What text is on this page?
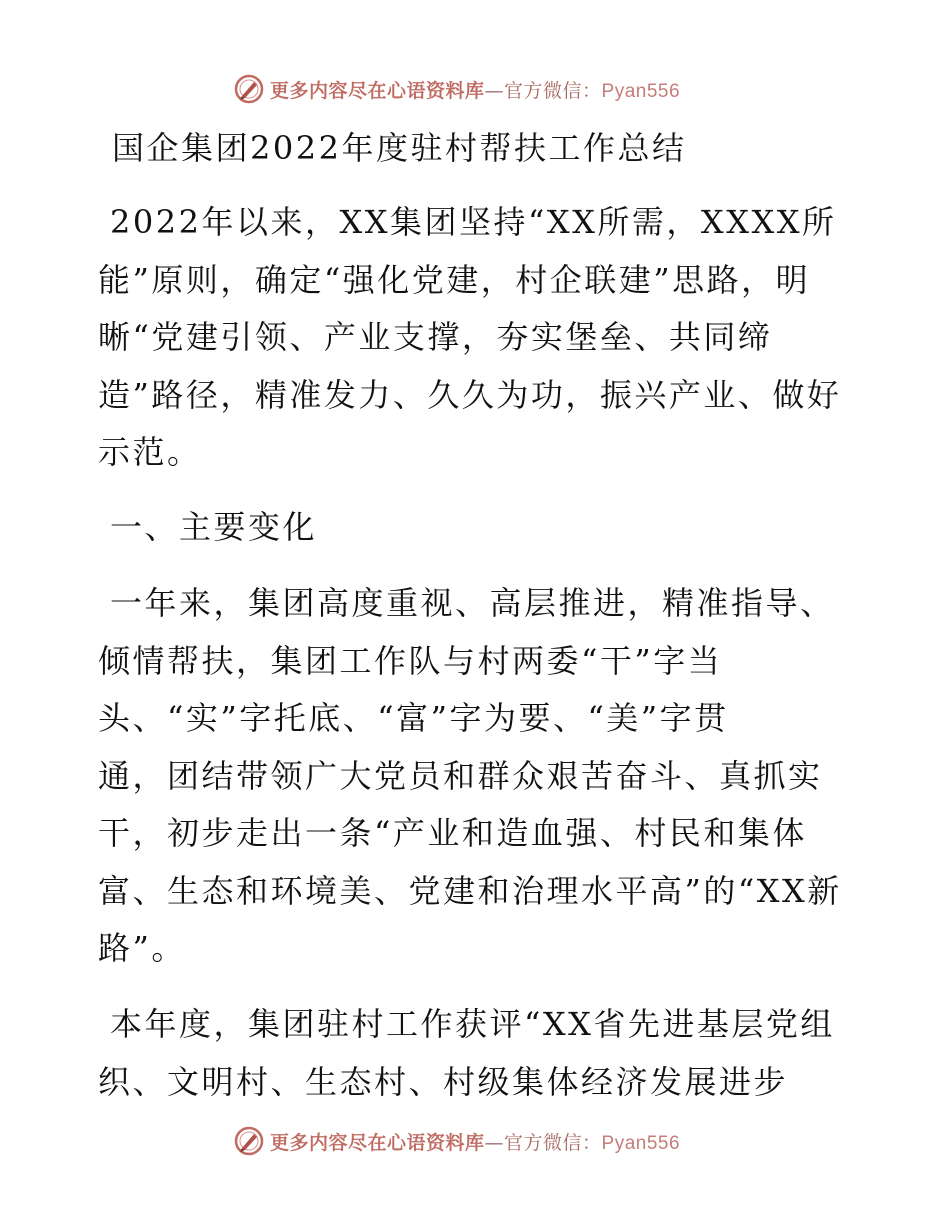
更多内容尽在心语资料库—官方微信：Pyan556
国企集团2022年度驻村帮扶工作总结
2022年以来，XX集团坚持“XX所需，XXXX所
能”原则，确定“强化党建，村企联建”思路，明
晰“党建引领、产业支撑，夯实堡垒、共同缔
造”路径，精准发力、久久为功，振兴产业、做好
示范。
一、主要变化
一年来，集团高度重视、高层推进，精准指导、
倾情帮扶，集团工作队与村两委“干”字当
头、“实”字托底、“富”字为要、“美”字贯
通，团结带领广大党员和群众艰苦奋斗、真抓实
干，初步走出一条“产业和造血强、村民和集体
富、生态和环境美、党建和治理水平高”的“XX新
路”。
本年度，集团驻村工作获评“XX省先进基层党组
织、文明村、生态村、村级集体经济发展进步
更多内容尽在心语资料库—官方微信：Pyan556
